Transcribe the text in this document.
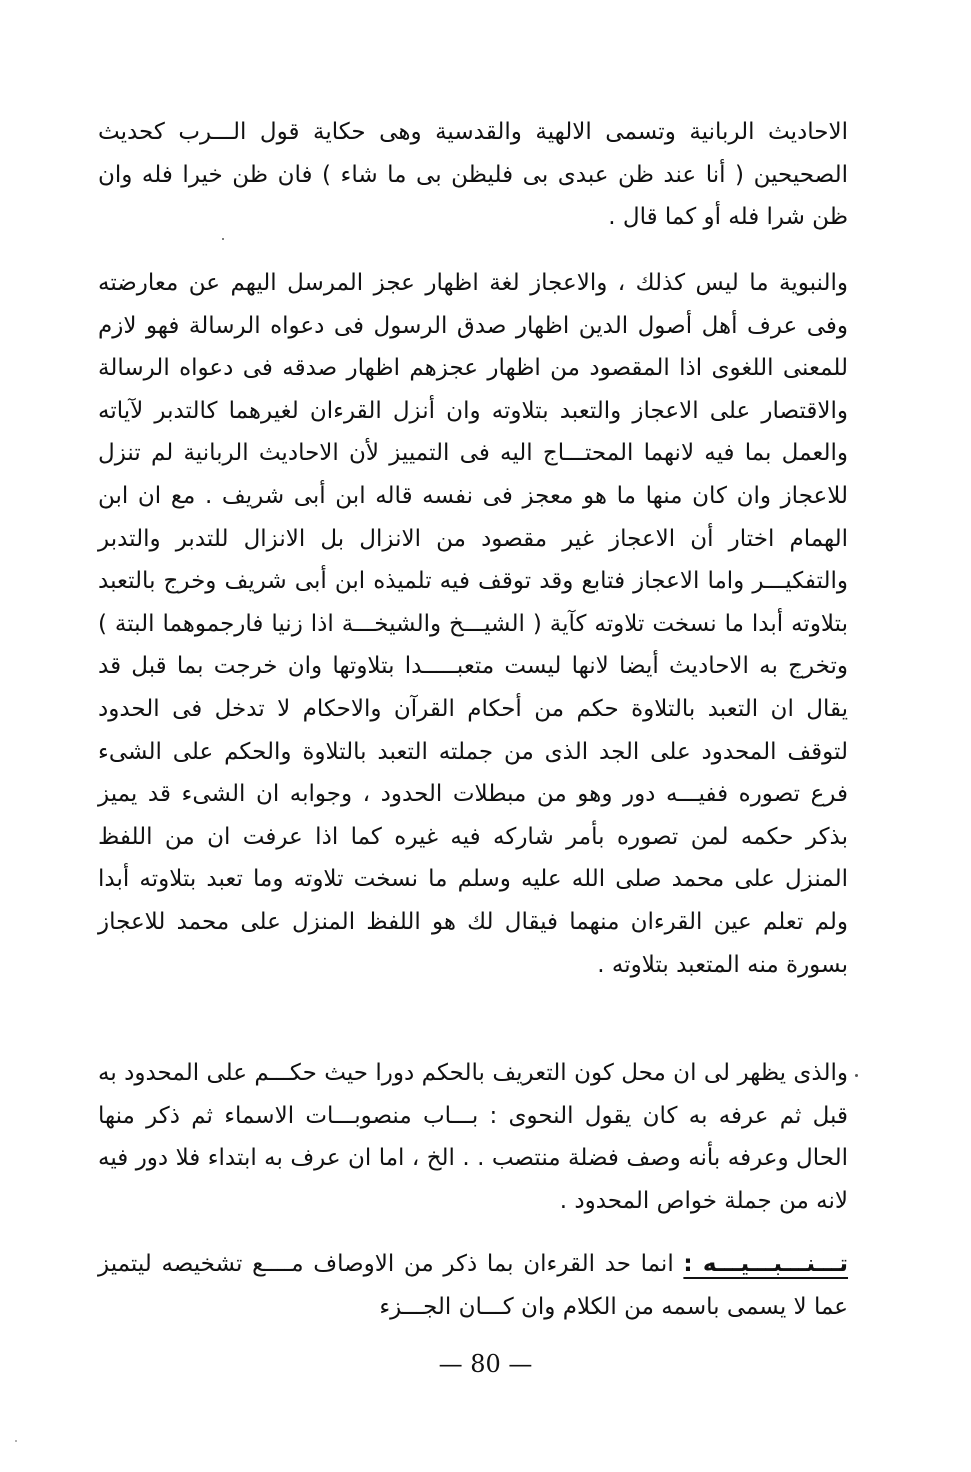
الاحاديث الربانية وتسمى الالهية والقدسية وهى حكاية قول الـــرب كحديث الصحيحين ( أنا عند ظن عبدى بى فليظن بى ما شاء ) فان ظن خيرا فله وان ظن شرا فله أو كما قال .

والنبوية ما ليس كذلك ، والاعجاز لغة اظهار عجز المرسل اليهم عن معارضته وفى عرف أهل أصول الدين اظهار صدق الرسول فى دعواه الرسالة فهو لازم للمعنى اللغوى اذا المقصود من اظهار عجزهم اظهار صدقه فى دعواه الرسالة والاقتصار على الاعجاز والتعبد بتلاوته وان أنزل القرءان لغيرهما كالتدبر لآياته والعمل بما فيه لانهما المحتـــاج اليه فى التمييز لأن الاحاديث الربانية لم تنزل للاعجاز وان كان منها ما هو معجز فى نفسه قاله ابن أبى شريف . مع ان ابن الهمام اختار أن الاعجاز غير مقصود من الانزال بل الانزال للتدبر والتدبر والتفكيـــر واما الاعجاز فتابع وقد توقف فيه تلميذه ابن أبى شريف وخرج بالتعبد بتلاوته أبدا ما نسخت تلاوته كآية ( الشيـــخ والشيخـــة اذا زنيا فارجموهما البتة ) وتخرج به الاحاديث أيضا لانها ليست متعبـــــدا بتلاوتها وان خرجت بما قبل قد يقال ان التعبد بالتلاوة حكم من أحكام القرآن والاحكام لا تدخل فى الحدود لتوقف المحدود على الجد الذى من جملته التعبد بالتلاوة والحكم على الشىء فرع تصوره ففيـــه دور وهو من مبطلات الحدود ، وجوابه ان الشىء قد يميز بذكر حكمه لمن تصوره بأمر شاركه فيه غيره كما اذا عرفت ان من اللفظ المنزل على محمد صلى الله عليه وسلم ما نسخت تلاوته وما تعبد بتلاوته أبدا ولم تعلم عين القرءان منهما فيقال لك هو اللفظ المنزل على محمد للاعجاز بسورة منه المتعبد بتلاوته .

والذى يظهر لى ان محل كون التعريف بالحكم دورا حيث حكـــم على المحدود به قبل ثم عرفه به كان يقول النحوى : بـــاب منصوبـــات الاسماء ثم ذكر منها الحال وعرفه بأنه وصف فضلة منتصب . . الخ ، اما ان عرف به ابتداء فلا دور فيه لانه من جملة خواص المحدود .

تـــنـــبـــيـــه : انما حد القرءان بما ذكر من الاوصاف مــــع تشخيصه ليتميز عما لا يسمى باسمه من الكلام وان كـــان الجـــزء

— 80 —
